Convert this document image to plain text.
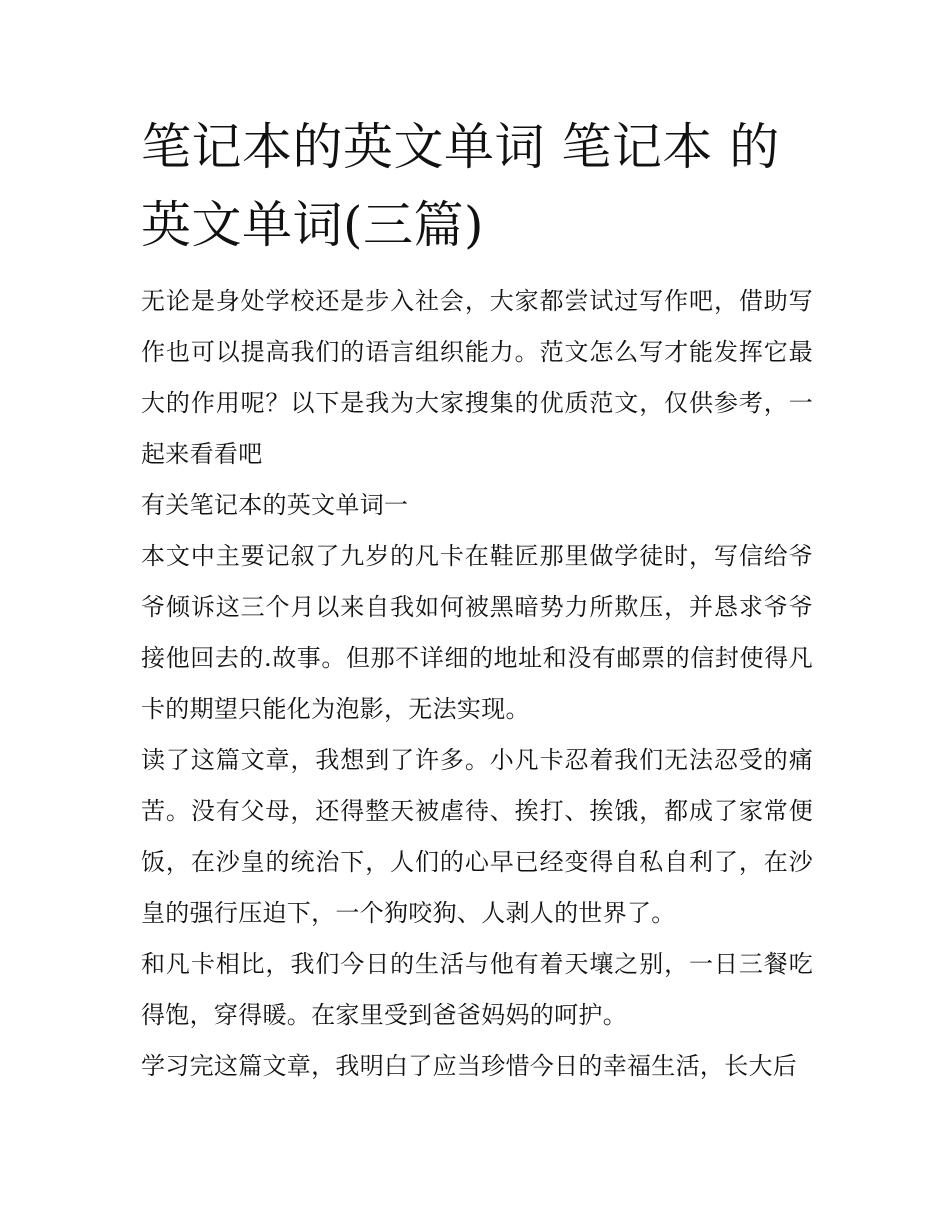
笔记本的英文单词 笔记本 的英文单词(三篇)

无论是身处学校还是步入社会，大家都尝试过写作吧，借助写作也可以提高我们的语言组织能力。范文怎么写才能发挥它最大的作用呢？以下是我为大家搜集的优质范文，仅供参考，一起来看看吧

有关笔记本的英文单词一

本文中主要记叙了九岁的凡卡在鞋匠那里做学徒时，写信给爷爷倾诉这三个月以来自我如何被黑暗势力所欺压，并恳求爷爷接他回去的.故事。但那不详细的地址和没有邮票的信封使得凡卡的期望只能化为泡影，无法实现。

读了这篇文章，我想到了许多。小凡卡忍着我们无法忍受的痛苦。没有父母，还得整天被虐待、挨打、挨饿，都成了家常便饭，在沙皇的统治下，人们的心早已经变得自私自利了，在沙皇的强行压迫下，一个狗咬狗、人剥人的世界了。

和凡卡相比，我们今日的生活与他有着天壤之别，一日三餐吃得饱，穿得暖。在家里受到爸爸妈妈的呵护。

学习完这篇文章，我明白了应当珍惜今日的幸福生活，长大后
